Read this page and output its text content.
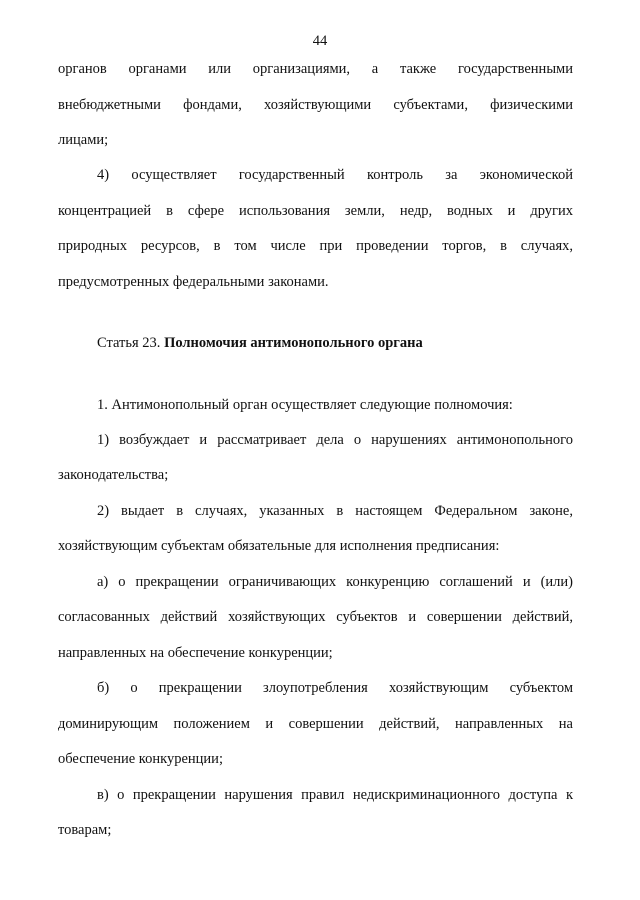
44
органов органами или организациями, а также государственными
внебюджетными фондами, хозяйствующими субъектами, физическими
лицами;
4) осуществляет государственный контроль за экономической
концентрацией в сфере использования земли, недр, водных и других
природных ресурсов, в том числе при проведении торгов, в случаях,
предусмотренных федеральными законами.
Статья 23. Полномочия антимонопольного органа
1. Антимонопольный орган осуществляет следующие полномочия:
1) возбуждает и рассматривает дела о нарушениях антимонопольного
законодательства;
2) выдает в случаях, указанных в настоящем Федеральном законе,
хозяйствующим субъектам обязательные для исполнения предписания:
а) о прекращении ограничивающих конкуренцию соглашений и (или)
согласованных действий хозяйствующих субъектов и совершении действий,
направленных на обеспечение конкуренции;
б) о прекращении злоупотребления хозяйствующим субъектом
доминирующим положением и совершении действий, направленных на
обеспечение конкуренции;
в) о прекращении нарушения правил недискриминационного доступа к
товарам;
